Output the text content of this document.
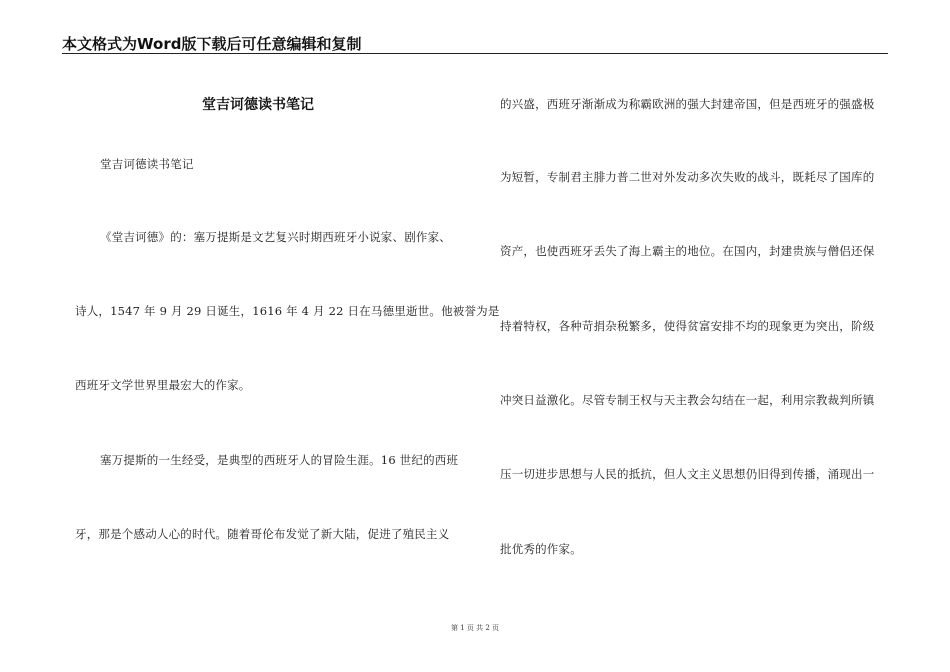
本文格式为Word版下载后可任意编辑和复制
堂吉诃德读书笔记
堂吉诃德读书笔记
《堂吉诃德》的：塞万提斯是文艺复兴时期西班牙小说家、剧作家、
诗人，1547 年 9 月 29 日诞生，1616 年 4 月 22 日在马德里逝世。他被誉为是
西班牙文学世界里最宏大的作家。
塞万提斯的一生经受，是典型的西班牙人的冒险生涯。16 世纪的西班
牙，那是个感动人心的时代。随着哥伦布发觉了新大陆，促进了殖民主义
的兴盛，西班牙渐渐成为称霸欧洲的强大封建帝国，但是西班牙的强盛极
为短暂，专制君主腓力普二世对外发动多次失败的战斗，既耗尽了国库的
资产，也使西班牙丢失了海上霸主的地位。在国内，封建贵族与僧侣还保
持着特权，各种苛捐杂税繁多，使得贫富安排不均的现象更为突出，阶级
冲突日益激化。尽管专制王权与天主教会勾结在一起，利用宗教裁判所镇
压一切进步思想与人民的抵抗，但人文主义思想仍旧得到传播，涌现出一
批优秀的作家。
第 1 页 共 2 页
